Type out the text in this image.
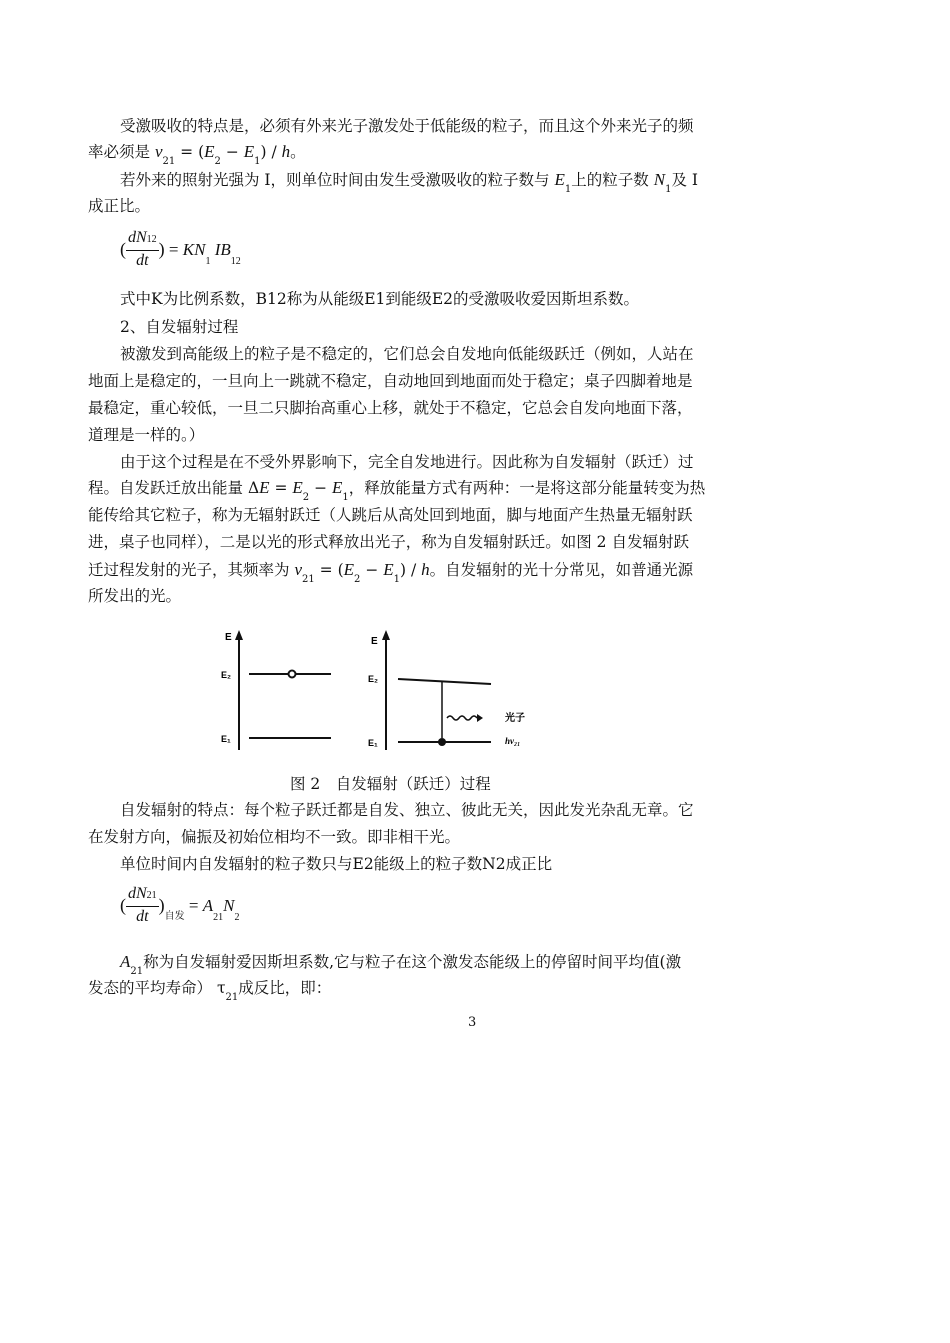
受激吸收的特点是，必须有外来光子激发处于低能级的粒子，而且这个外来光子的频
率必须是 $v_{21} = (E_2 - E_1) / h$。
若外来的照射光强为 I，则单位时间由发生受激吸收的粒子数与 $E_1$上的粒子数 $N_1$及 I
成正比。
( $\frac{dN12}{dt}$ ) = $KN_1$ $IB_{12}$
式中K为比例系数，B12称为从能级E1到能级E2的受激吸收爱因斯坦系数。
2、自发辐射过程
被激发到高能级上的粒子是不稳定的，它们总会自发地向低能级跃迁（例如，人站在
地面上是稳定的，一旦向上一跳就不稳定，自动地回到地面而处于稳定；桌子四脚着地是
最稳定，重心较低，一旦二只脚抬高重心上移，就处于不稳定，它总会自发向地面下落，
道理是一样的。）
由于这个过程是在不受外界影响下，完全自发地进行。因此称为自发辐射（跃迁）过
程。自发跃迁放出能量 $\Delta E = E_2 - E_1$，释放能量方式有两种：一是将这部分能量转变为热
能传给其它粒子，称为无辐射跃迁（人跳后从高处回到地面，脚与地面产生热量无辐射跃
进，桌子也同样），二是以光的形式释放出光子，称为自发辐射跃迁。如图 2 自发辐射跃
迁过程发射的光子，其频率为 $v_{21} = (E_2 - E_1) / h$。自发辐射的光十分常见，如普通光源
所发出的光。
E
E₂
E₁
E
E₂
E₁
光子
hν₂₁
图 2　自发辐射（跃迁）过程
自发辐射的特点：每个粒子跃迁都是自发、独立、彼此无关，因此发光杂乱无章。它
在发射方向，偏振及初始位相均不一致。即非相干光。
单位时间内自发辐射的粒子数只与E2能级上的粒子数N2成正比
( $\frac{dN21}{dt} )_{自发} = A_{21}N_2$
$A_{21}$称为自发辐射爱因斯坦系数,它与粒子在这个激发态能级上的停留时间平均值(激
发态的平均寿命） $\tau_{21}$成反比，即：
3
